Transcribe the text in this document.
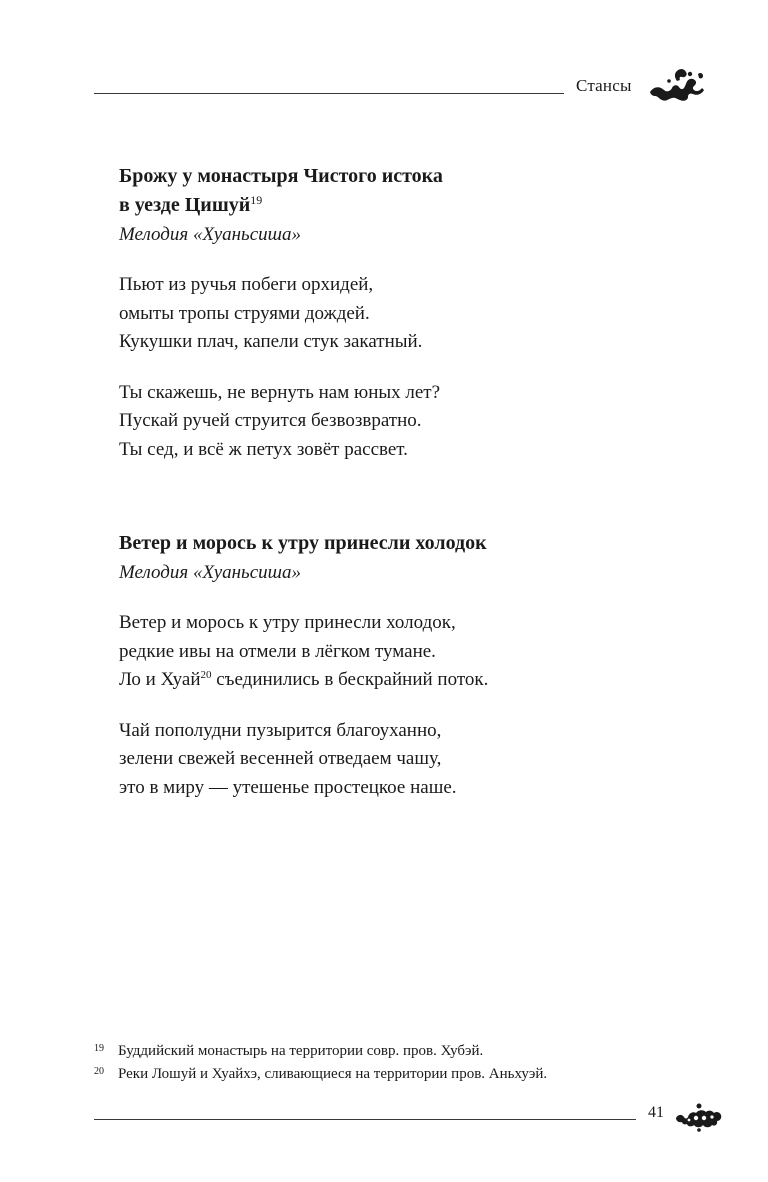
Стансы

Брожу у монастыря Чистого истока
в уезде Цишуй$^{19}$

Мелодия «Хуаньсиша»

Пьют из ручья побеги орхидей,
омыты тропы струями дождей.
Кукушки плач, капели стук закатный.
Ты скажешь, не вернуть нам юных лет?
Пускай ручей струится безвозвратно.
Ты сед, и всё ж петух зовёт рассвет.

Ветер и морось к утру принесли холодок

Мелодия «Хуаньсиша»

Ветер и морось к утру принесли холодок,
редкие ивы на отмели в лёгком тумане.
Ло и Хуай$^{20}$ съединились в бескрайний поток.
Чай пополудни пузырится благоуханно,
зелени свежей весенней отведаем чашу,
это в миру — утешенье простецкое наше.
19 Буддийский монастырь на территории совр. пров. Хубэй.
20 Реки Лошуй и Хуайхэ, сливающиеся на территории пров. Аньхуэй.
41
